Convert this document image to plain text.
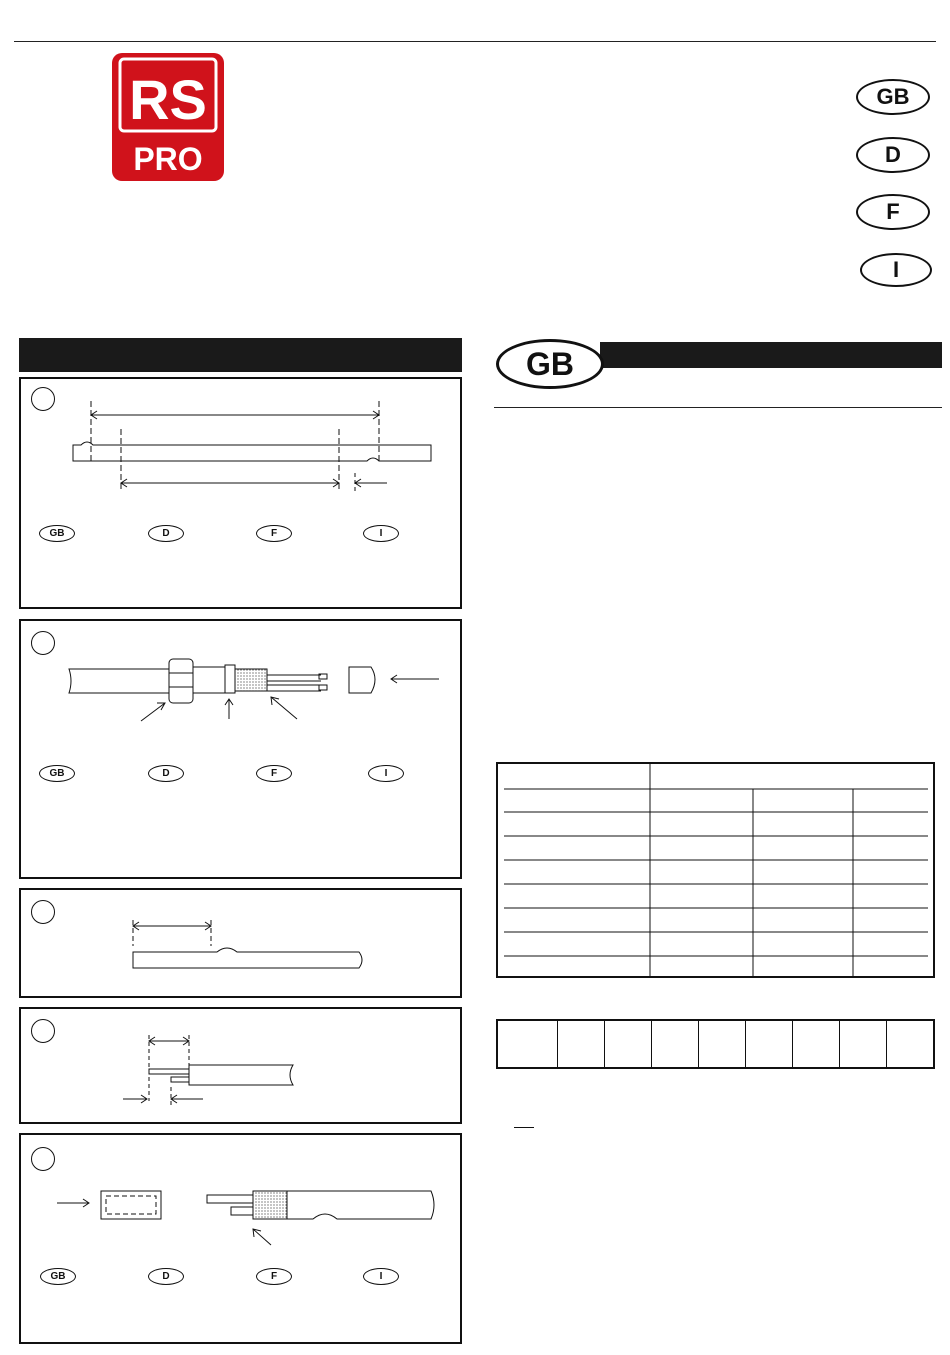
RS
PRO
GB
D
F
I
GB
GB	D	F	I
GB	D	F	I
GB	D	F	I
